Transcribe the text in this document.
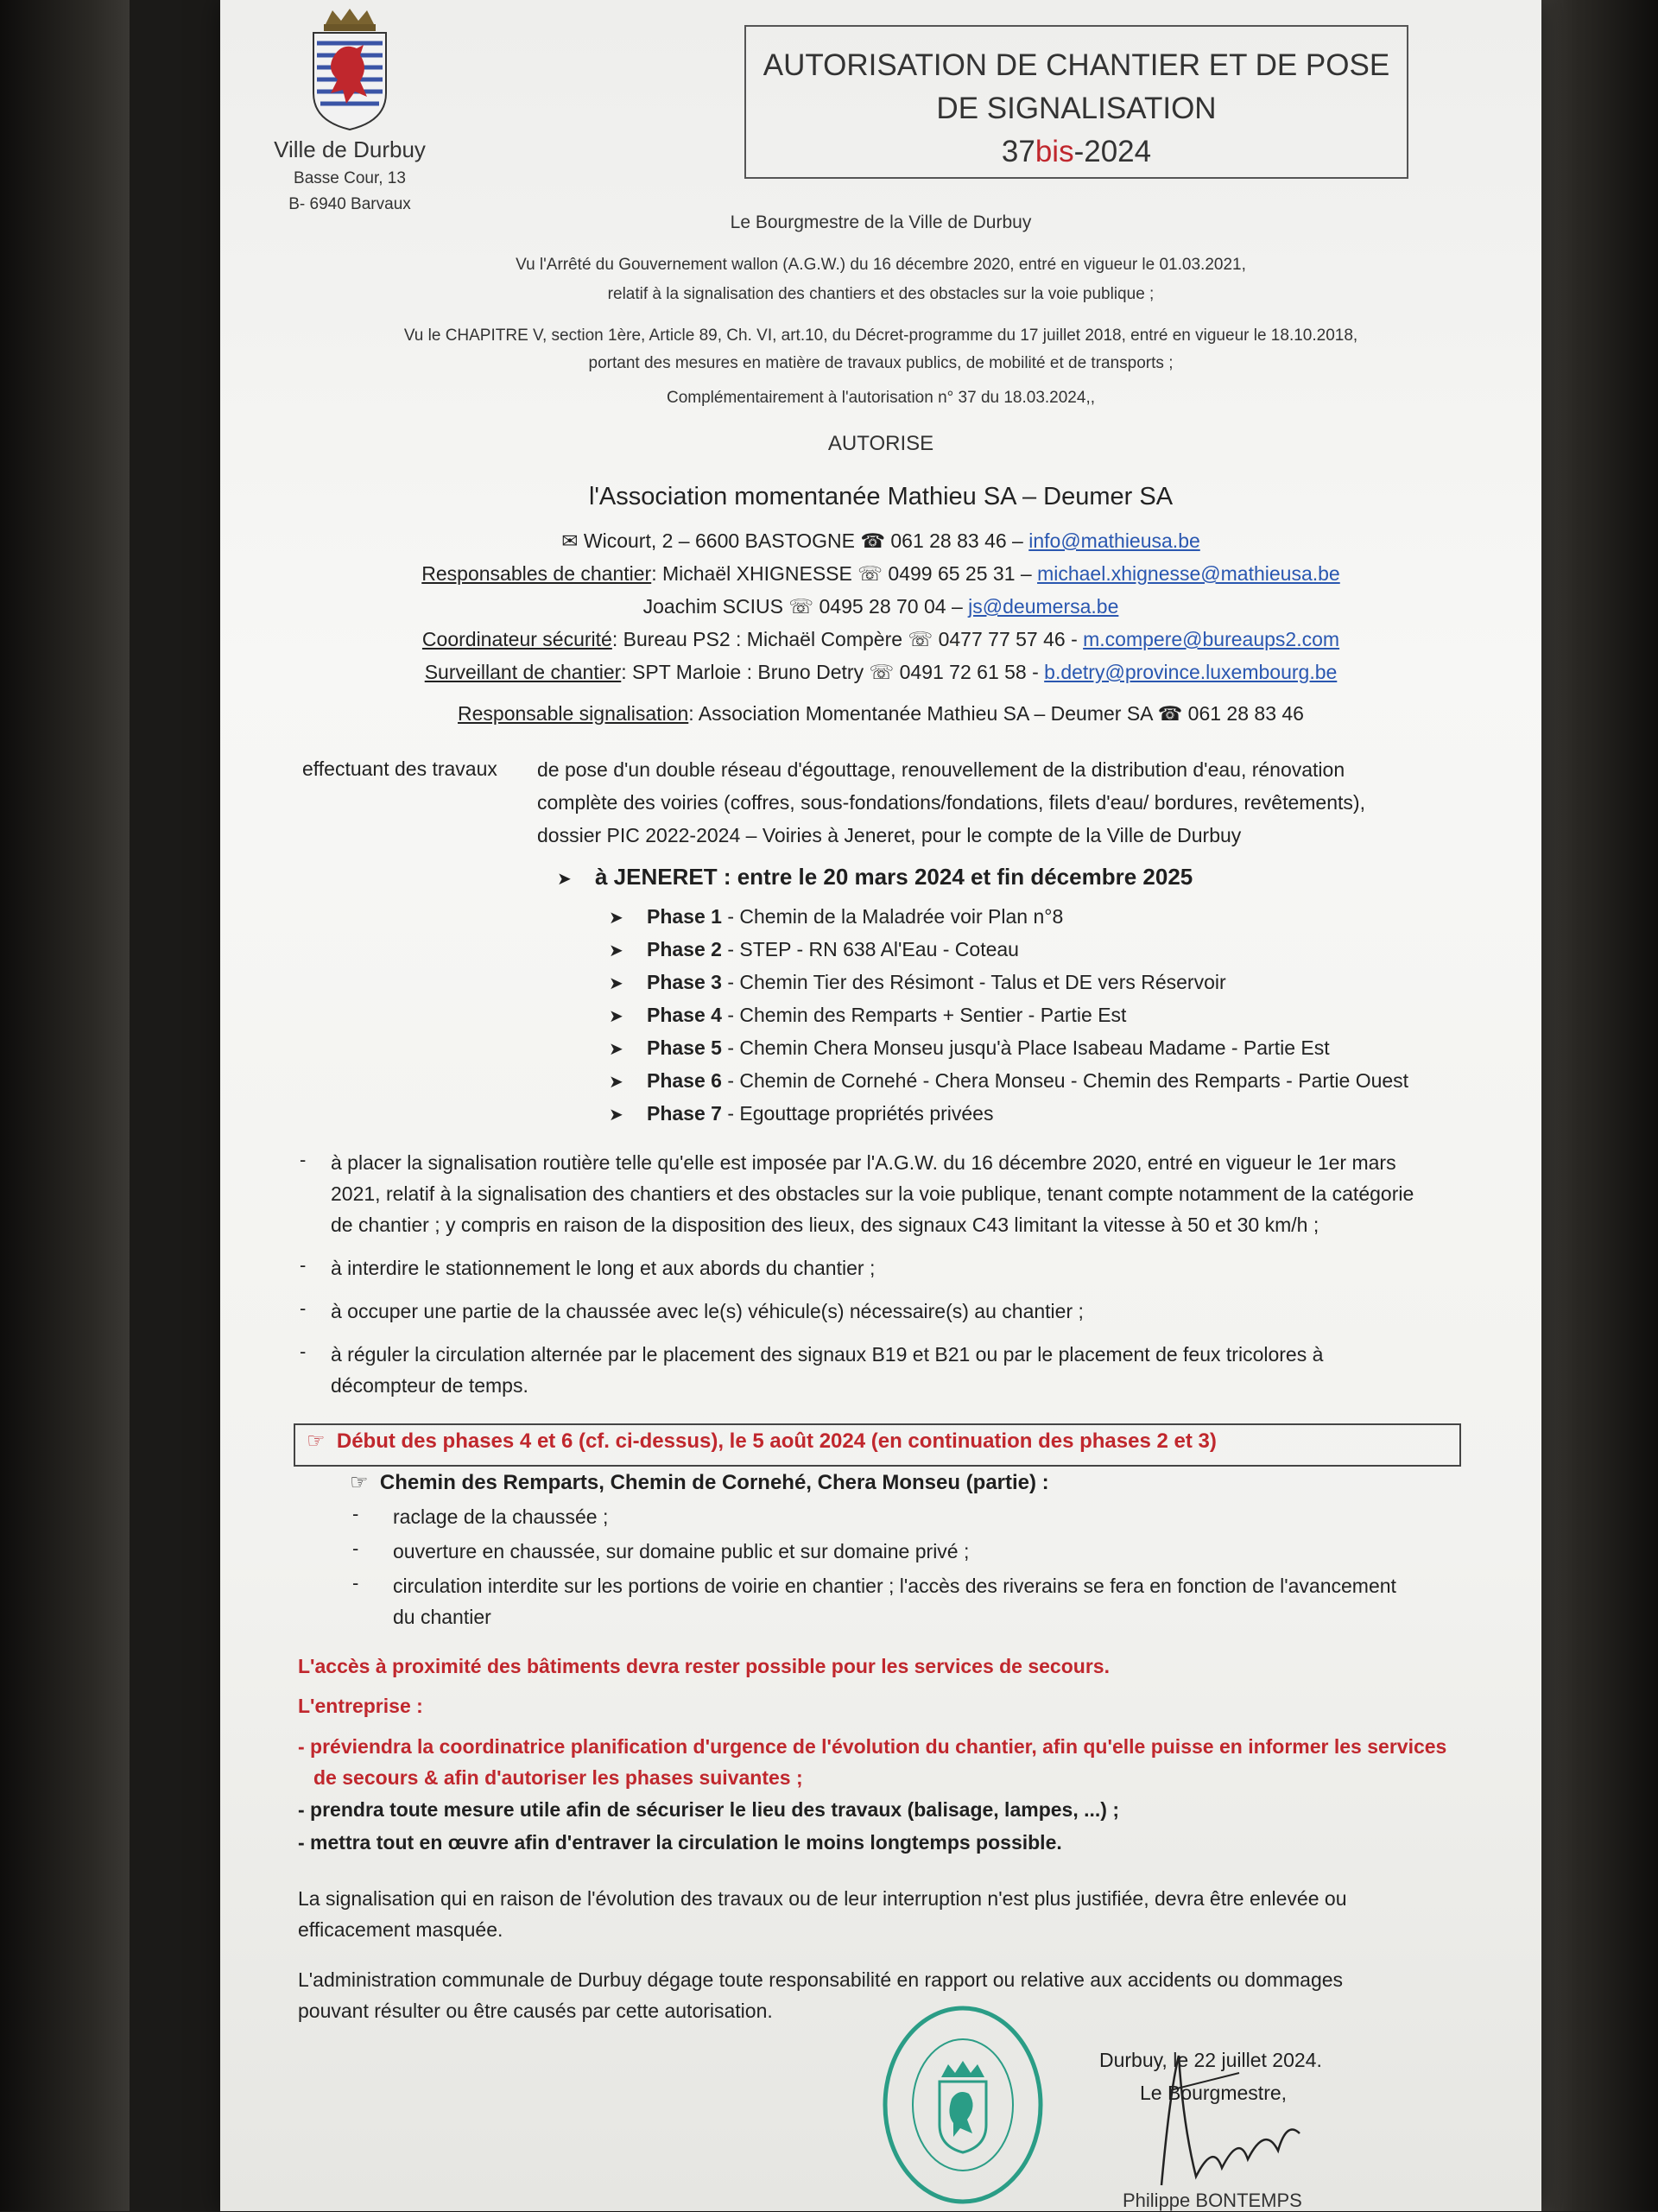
Ville de Durbuy
Basse Cour, 13
B- 6940 Barvaux
AUTORISATION DE CHANTIER ET DE POSE
DE SIGNALISATION
37bis-2024
Le Bourgmestre de la Ville de Durbuy
Vu l'Arrêté du Gouvernement wallon (A.G.W.) du 16 décembre 2020, entré en vigueur le 01.03.2021,
relatif à la signalisation des chantiers et des obstacles sur la voie publique ;
Vu le CHAPITRE V, section 1ère, Article 89, Ch. VI, art.10, du Décret-programme du 17 juillet 2018, entré en vigueur le 18.10.2018,
portant des mesures en matière de travaux publics, de mobilité et de transports ;
Complémentairement à l'autorisation n° 37 du 18.03.2024,,
AUTORISE
l'Association momentanée Mathieu SA – Deumer SA
✉ Wicourt, 2 – 6600 BASTOGNE ☎ 061 28 83 46 – info@mathieusa.be
Responsables de chantier: Michaël XHIGNESSE ☏ 0499 65 25 31 – michael.xhignesse@mathieusa.be
Joachim SCIUS ☏ 0495 28 70 04 – js@deumersa.be
Coordinateur sécurité: Bureau PS2 : Michaël Compère ☏ 0477 77 57 46 - m.compere@bureaups2.com
Surveillant de chantier: SPT Marloie : Bruno Detry ☏ 0491 72 61 58 - b.detry@province.luxembourg.be
Responsable signalisation: Association Momentanée Mathieu SA – Deumer SA ☎ 061 28 83 46
effectuant des travaux	de pose d'un double réseau d'égouttage, renouvellement de la distribution d'eau, rénovation
complète des voiries (coffres, sous-fondations/fondations, filets d'eau/ bordures, revêtements),
dossier PIC 2022-2024 – Voiries à Jeneret, pour le compte de la Ville de Durbuy
➤ à JENERET : entre le 20 mars 2024 et fin décembre 2025
➤ Phase 1 - Chemin de la Maladrée voir Plan n°8
➤ Phase 2 - STEP - RN 638 Al'Eau - Coteau
➤ Phase 3 - Chemin Tier des Résimont - Talus et DE vers Réservoir
➤ Phase 4 - Chemin des Remparts + Sentier - Partie Est
➤ Phase 5 - Chemin Chera Monseu jusqu'à Place Isabeau Madame - Partie Est
➤ Phase 6 - Chemin de Cornehé - Chera Monseu - Chemin des Remparts - Partie Ouest
➤ Phase 7 - Egouttage propriétés privées
- à placer la signalisation routière telle qu'elle est imposée par l'A.G.W. du 16 décembre 2020, entré en vigueur le 1er mars
2021, relatif à la signalisation des chantiers et des obstacles sur la voie publique, tenant compte notamment de la catégorie
de chantier ; y compris en raison de la disposition des lieux, des signaux C43 limitant la vitesse à 50 et 30 km/h ;
- à interdire le stationnement le long et aux abords du chantier ;
- à occuper une partie de la chaussée avec le(s) véhicule(s) nécessaire(s) au chantier ;
- à réguler la circulation alternée par le placement des signaux B19 et B21 ou par le placement de feux tricolores à
décompteur de temps.
☞ Début des phases 4 et 6 (cf. ci-dessus), le 5 août 2024 (en continuation des phases 2 et 3)
☞ Chemin des Remparts, Chemin de Cornehé, Chera Monseu (partie) :
- raclage de la chaussée ;
- ouverture en chaussée, sur domaine public et sur domaine privé ;
- circulation interdite sur les portions de voirie en chantier ; l'accès des riverains se fera en fonction de l'avancement
du chantier
L'accès à proximité des bâtiments devra rester possible pour les services de secours.
L'entreprise :
- préviendra la coordinatrice planification d'urgence de l'évolution du chantier, afin qu'elle puisse en informer les services
de secours & afin d'autoriser les phases suivantes ;
- prendra toute mesure utile afin de sécuriser le lieu des travaux (balisage, lampes, ...) ;
- mettra tout en œuvre afin d'entraver la circulation le moins longtemps possible.
La signalisation qui en raison de l'évolution des travaux ou de leur interruption n'est plus justifiée, devra être enlevée ou
efficacement masquée.
L'administration communale de Durbuy dégage toute responsabilité en rapport ou relative aux accidents ou dommages
pouvant résulter ou être causés par cette autorisation.
Durbuy, le 22 juillet 2024.
Le Bourgmestre,
Philippe BONTEMPS
